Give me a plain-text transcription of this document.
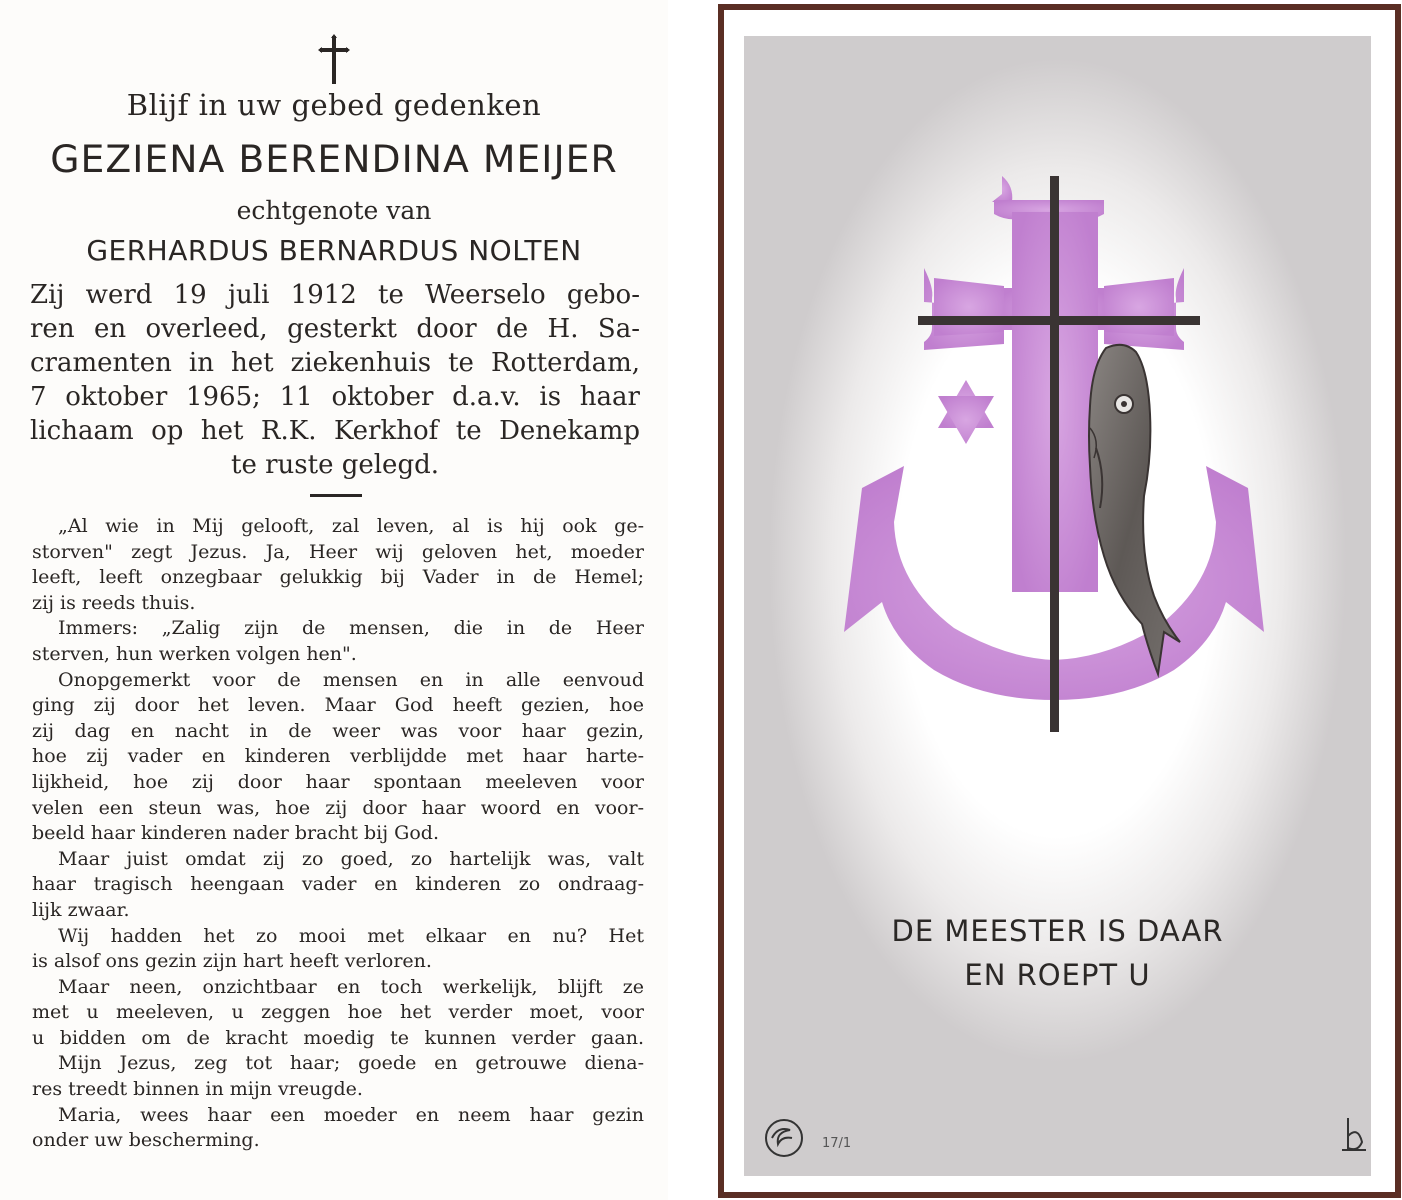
Blijf in uw gebed gedenken
GEZIENA BERENDINA MEIJER
echtgenote van
GERHARDUS BERNARDUS NOLTEN
Zij werd 19 juli 1912 te Weerselo gebo-
ren en overleed, gesterkt door de H. Sa-
cramenten in het ziekenhuis te Rotterdam,
7 oktober 1965; 11 oktober d.a.v. is haar
lichaam op het R.K. Kerkhof te Denekamp
te ruste gelegd.
„Al wie in Mij gelooft, zal leven, al is hij ook ge-
storven" zegt Jezus. Ja, Heer wij geloven het, moeder
leeft, leeft onzegbaar gelukkig bij Vader in de Hemel;
zij is reeds thuis.
Immers: „Zalig zijn de mensen, die in de Heer
sterven, hun werken volgen hen".
Onopgemerkt voor de mensen en in alle eenvoud
ging zij door het leven. Maar God heeft gezien, hoe
zij dag en nacht in de weer was voor haar gezin,
hoe zij vader en kinderen verblijdde met haar harte-
lijkheid, hoe zij door haar spontaan meeleven voor
velen een steun was, hoe zij door haar woord en voor-
beeld haar kinderen nader bracht bij God.
Maar juist omdat zij zo goed, zo hartelijk was, valt
haar tragisch heengaan vader en kinderen zo ondraag-
lijk zwaar.
Wij hadden het zo mooi met elkaar en nu? Het
is alsof ons gezin zijn hart heeft verloren.
Maar neen, onzichtbaar en toch werkelijk, blijft ze
met u meeleven, u zeggen hoe het verder moet, voor
u bidden om de kracht moedig te kunnen verder gaan.
Mijn Jezus, zeg tot haar; goede en getrouwe diena-
res treedt binnen in mijn vreugde.
Maria, wees haar een moeder en neem haar gezin
onder uw bescherming.
DE MEESTER IS DAAR
EN ROEPT U
17/1
